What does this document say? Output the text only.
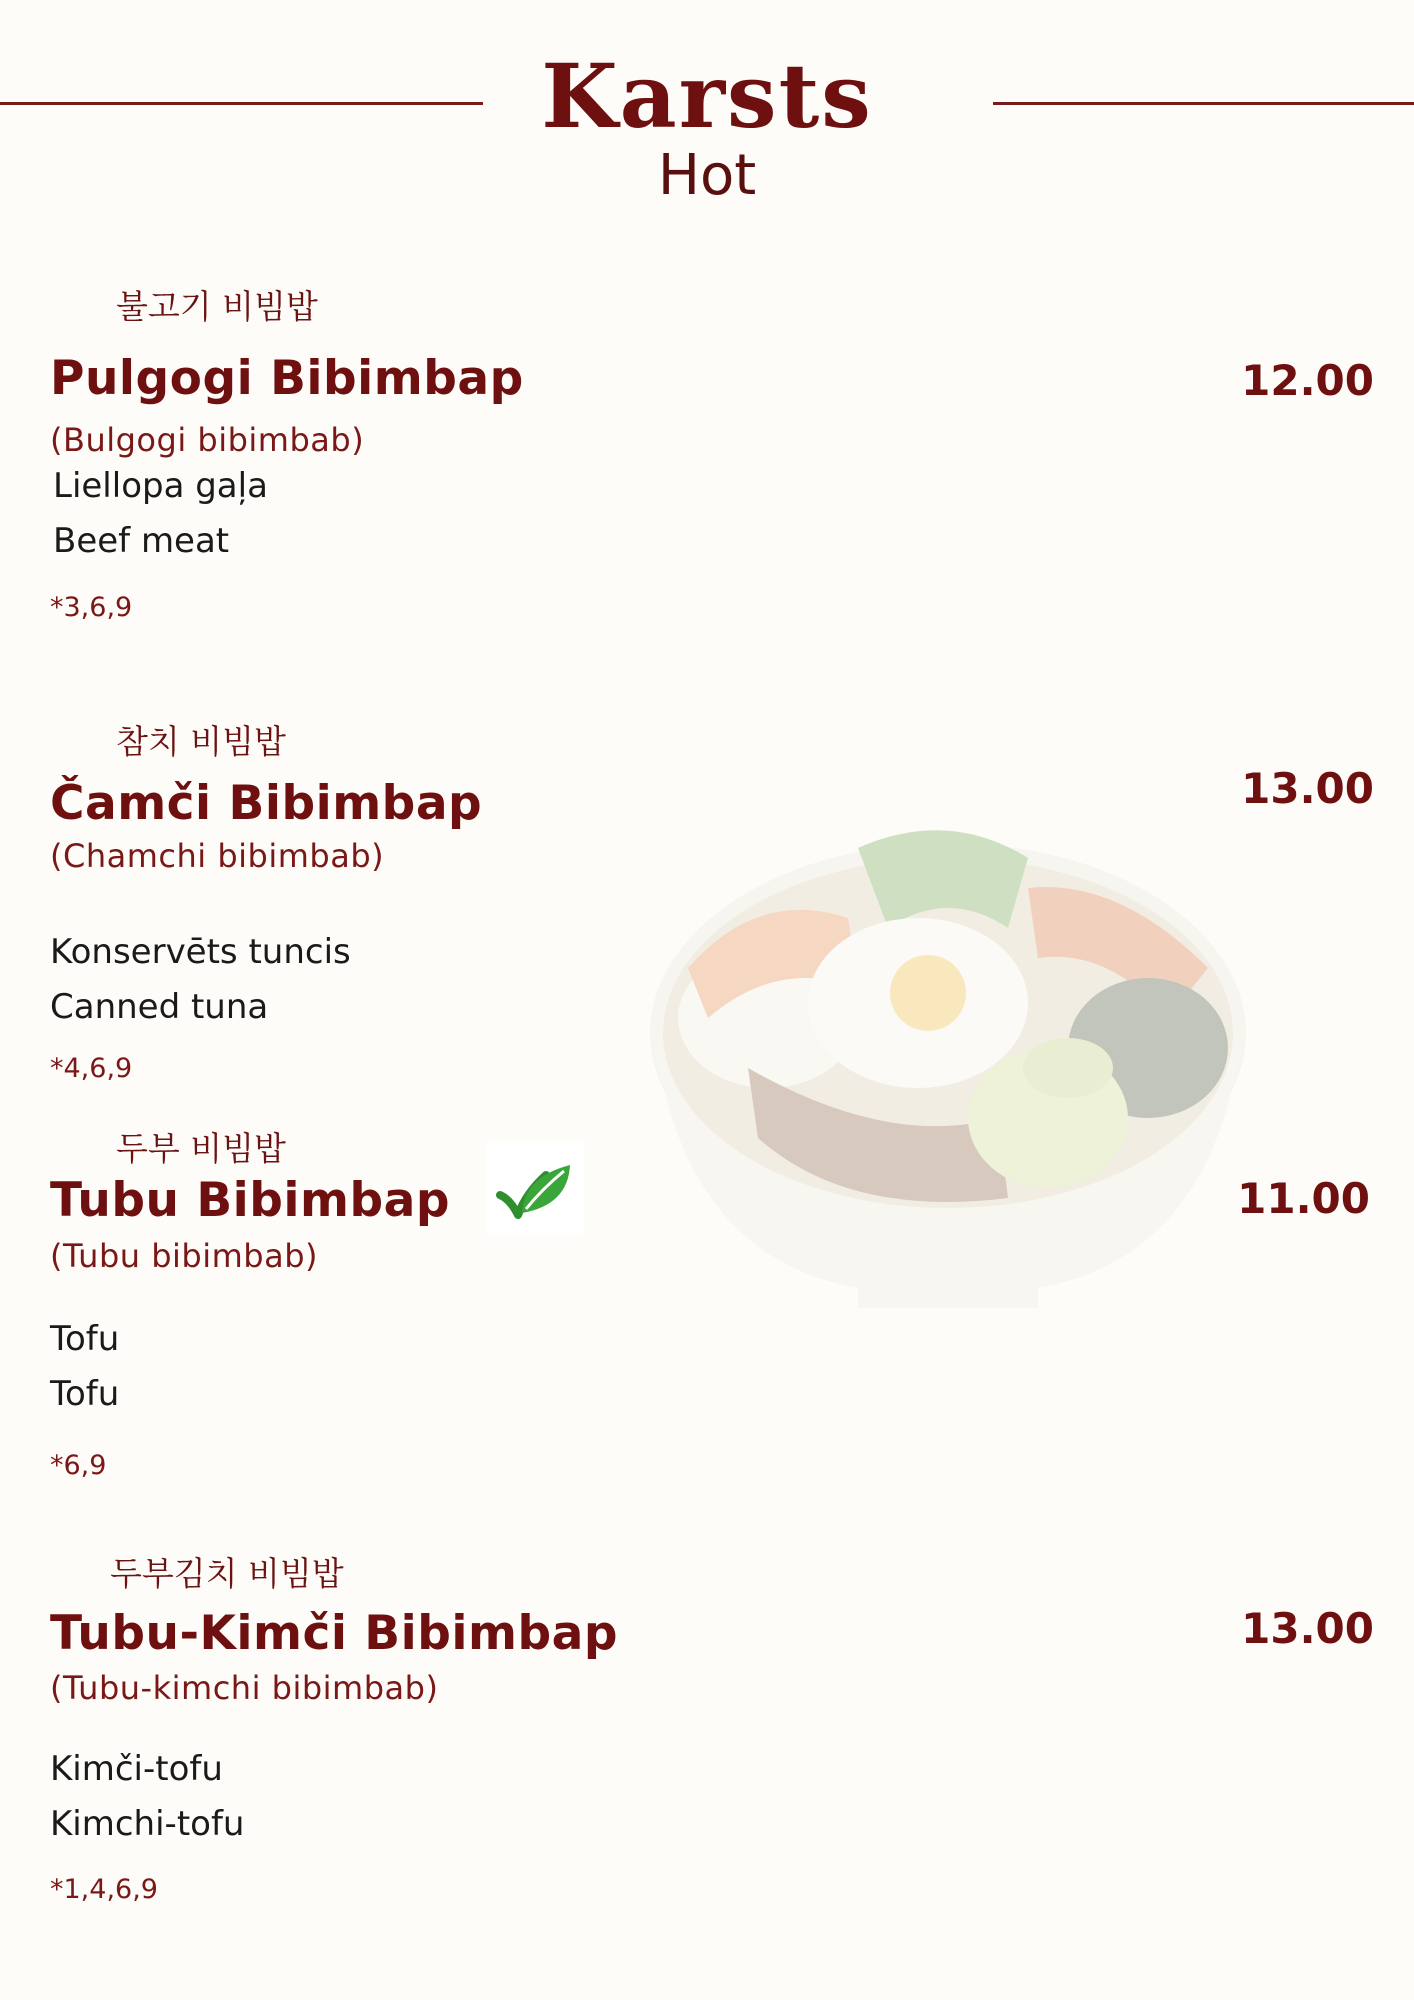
Karsts
Hot
불고기 비빔밥
Pulgogi Bibimbap
(Bulgogi bibimbab)
Liellopa gaļa
Beef meat
*3,6,9
12.00
참치 비빔밥
Čamči Bibimbap
(Chamchi bibimbab)
Konservēts tuncis
Canned tuna
*4,6,9
13.00
두부 비빔밥
Tubu Bibimbap
(Tubu bibimbab)
Tofu
Tofu
*6,9
11.00
두부김치 비빔밥
Tubu-Kimči Bibimbap
(Tubu-kimchi bibimbab)
Kimči-tofu
Kimchi-tofu
*1,4,6,9
13.00
